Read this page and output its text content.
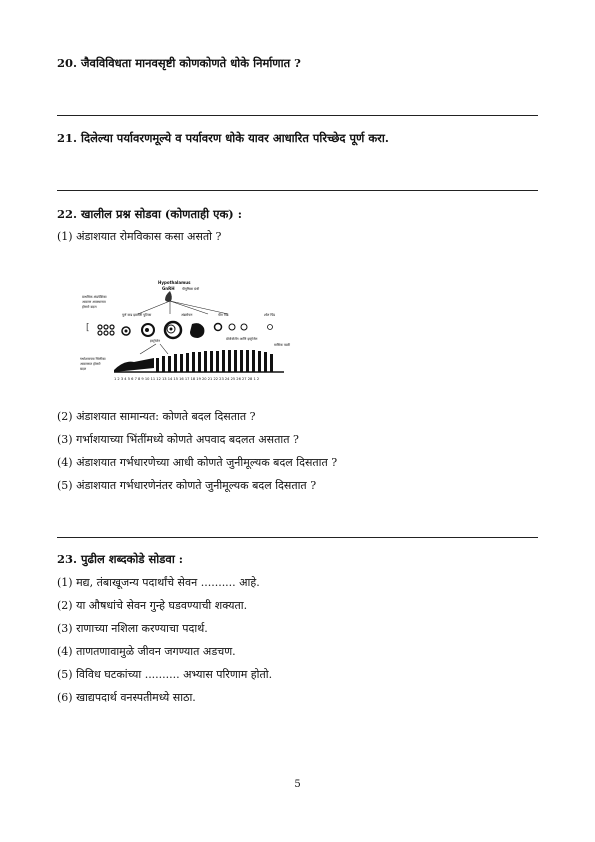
20. जैवविविधता मानवसृष्टी कोणकोणते धोके निर्माणात ?
21. दिलेल्या पर्यावरणमूल्ये व पर्यावरण धोके यावर आधारित परिच्छेद पूर्ण करा.
22. खालील प्रश्न सोडवा (कोणताही एक) :
(1) अंडाशयात रोमविकास कसा असतो ?
Hypothalamus
GnRH पीयूषिका ग्रंथी
प्राथमिक अंडपेशिका
आवरण अवस्थानात
होणारे बदल
पूर्ण वाढ झालेली पुटिका	अंडमोचन	पीत पिंड	श्वेत पिंड
[
प्रोजेस्टेरॉन आणि इस्ट्रोजेन
इस्ट्रोजेन
मासिक पाळी
गर्भाशयाच्या भित्तीका
आवरणात होणारे
बदल
1 2 3 4 5 6 7 8 9 10 11 12 13 14 15 16 17 18 19 20 21 22 23 24 25 26 27 28 1 2
(2) अंडाशयात सामान्यत: कोणते बदल दिसतात ?
(3) गर्भाशयाच्या भिंतींमध्ये कोणते अपवाद बदलत असतात ?
(4) अंडाशयात गर्भधारणेच्या आधी कोणते जुनीमूल्यक बदल दिसतात ?
(5) अंडाशयात गर्भधारणेनंतर कोणते जुनीमूल्यक बदल दिसतात ?
23. पुढील शब्दकोडे सोडवा :
(1) मद्य, तंबाखूजन्य पदार्थांचे सेवन .......... आहे.
(2) या औषधांचे सेवन गुन्हे घडवण्याची शक्यता.
(3) राणाच्या नशिला करण्याचा पदार्थ.
(4) ताणतणावामुळे जीवन जगण्यात अडचण.
(5) विविध घटकांच्या .......... अभ्यास परिणाम होतो.
(6) खाद्यपदार्थ वनस्पतीमध्ये साठा.
5
